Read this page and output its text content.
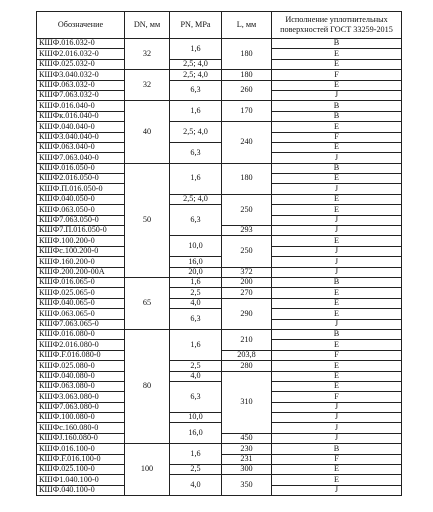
Обозначение	DN, мм	PN, MPa	L, мм	Исполнение уплотнительных поверхностей ГОСТ 33259-2015
КШФ.016.032-0	32	1,6	180	B
КШФ2.016.032-0				E
КШФ.025.032-0		2,5; 4,0		E
КШФ3.040.032-0	32	2,5; 4,0	180	F
КШФ.063.032-0		6,3	260	E
КШФ7.063.032-0				J
КШФ.016.040-0	40	1,6	170	B
КШФк.016.040-0				B
КШФ.040.040-0		2,5; 4,0	240	E
КШФ3.040.040-0				F
КШФ.063.040-0		6,3		E
КШФ7.063.040-0				J
КШФ.016.050-0	50	1,6	180	B
КШФ2.016.050-0				E
КШФ.П.016.050-0				J
КШФ.040.050-0		2,5; 4,0	250	E
КШФ.063.050-0		6,3		E
КШФ7.063.050-0				J
КШФ7.П.016.050-0			293	J
КШФ.100.200-0		10,0	250	E
КШФс.100.200-0				J
КШФ.160.200-0		16,0		J
КШФ.200.200-00А		20,0	372	J
КШФ.016.065-0	65	1,6	200	B
КШФ.025.065-0		2,5	270	E
КШФ.040.065-0		4,0	290	E
КШФ.063.065-0		6,3		E
КШФ7.063.065-0				J
КШФ.016.080-0	80	1,6	210	B
КШФ2.016.080-0				E
КШФ.F.016.080-0			203,8	F
КШФ.025.080-0		2,5	280	E
КШФ.040.080-0		4,0	310	E
КШФ.063.080-0		6,3		E
КШФ3.063.080-0				F
КШФ7.063.080-0				J
КШФ.100.080-0		10,0		J
КШФс.160.080-0		16,0		J
КШФJ.160.080-0			450	J
КШФ.016.100-0	100	1,6	230	B
КШФ.F.016.100-0			231	F
КШФ.025.100-0		2,5	300	E
КШФ1.040.100-0		4,0	350	E
КШФ.040.100-0				J
